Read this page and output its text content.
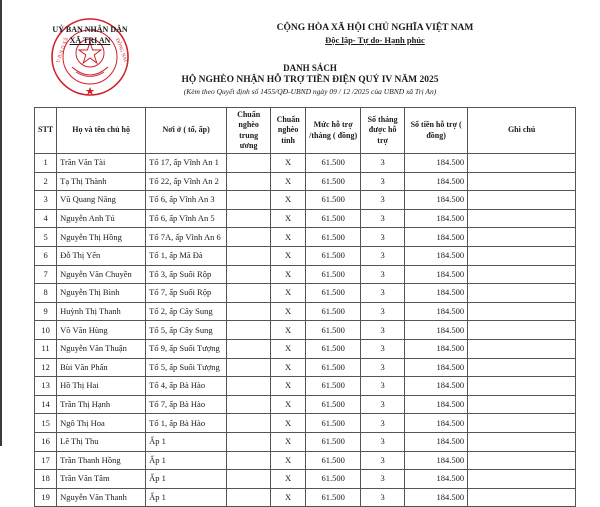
U.B.N.D XÃ	ĐỒNG NAI
UỶ BAN NHÂN DÂN
XÃ TRỊ AN
CỘNG HÒA XÃ HỘI CHỦ NGHĨA VIỆT NAM
Độc lập- Tự do- Hạnh phúc
DANH SÁCH
HỘ NGHÈO NHẬN HỖ TRỢ TIỀN ĐIỆN QUÝ IV NĂM 2025
(Kèm theo Quyết định số 1455/QĐ-UBND ngày 09 / 12 /2025 của UBND xã Trị An)
STT	Họ và tên chủ hộ	Nơi ở ( tổ, ấp)	Chuẩn nghèo trung ương	Chuẩn nghèo tỉnh	Mức hỗ trợ /tháng ( đồng)	Số tháng được hỗ trợ	Số tiền hỗ trợ ( đồng)	Ghi chú
1	Trần Văn Tài	Tổ 17, ấp Vĩnh An 1		X	61.500	3	184.500	
2	Tạ Thị Thành	Tổ 22, ấp Vĩnh An 2		X	61.500	3	184.500	
3	Vũ Quang Năng	Tổ 6, ấp Vĩnh An 3		X	61.500	3	184.500	
4	Nguyễn Anh Tú	Tổ 6, ấp Vĩnh An 5		X	61.500	3	184.500	
5	Nguyễn Thị Hồng	Tổ 7A, ấp Vĩnh An 6		X	61.500	3	184.500	
6	Đỗ Thị Yến	Tổ 1, ấp Mã Đà		X	61.500	3	184.500	
7	Nguyễn Văn Chuyền	Tổ 3, ấp Suối Rộp		X	61.500	3	184.500	
8	Nguyễn Thị Bình	Tổ 7, ấp Suối Rộp		X	61.500	3	184.500	
9	Huỳnh Thị Thanh	Tổ 2, ấp Cây Sung		X	61.500	3	184.500	
10	Võ Văn Hùng	Tổ 5, ấp Cây Sung		X	61.500	3	184.500	
11	Nguyễn Văn Thuận	Tổ 9, ấp Suối Tượng		X	61.500	3	184.500	
12	Bùi Văn Phấn	Tổ 5, ấp Suối Tượng		X	61.500	3	184.500	
13	Hồ Thị Hai	Tổ 4, ấp Bà Hào		X	61.500	3	184.500	
14	Trần Thị Hạnh	Tổ 7, ấp Bà Hào		X	61.500	3	184.500	
15	Ngô Thị Hoa	Tổ 1, ấp Bà Hào		X	61.500	3	184.500	
16	Lê Thị Thu	Ấp 1		X	61.500	3	184.500	
17	Trần Thanh Hồng	Ấp 1		X	61.500	3	184.500	
18	Trần Văn Tâm	Ấp 1		X	61.500	3	184.500	
19	Nguyễn Văn Thanh	Ấp 1		X	61.500	3	184.500	
